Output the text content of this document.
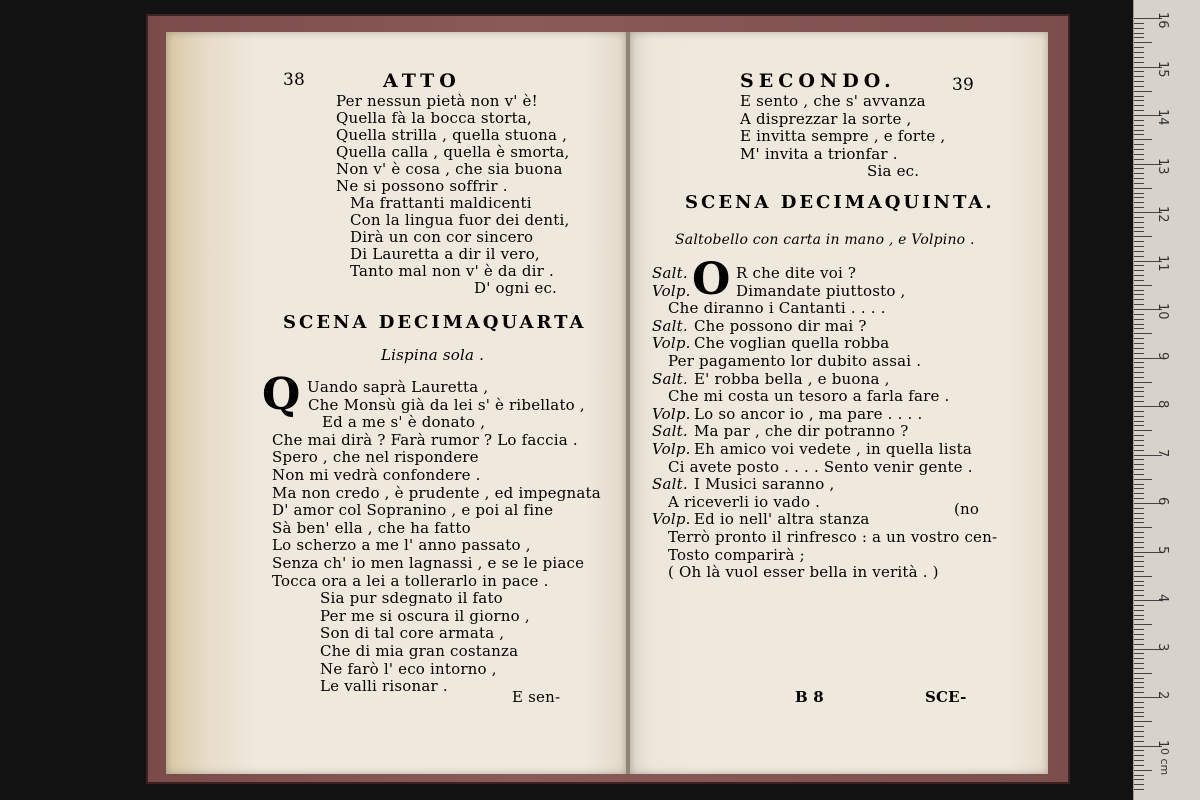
38	ATTO
Per nessun pietà non v' è!
Quella fà la bocca storta,
Quella strilla , quella stuona ,
Quella calla , quella è smorta,
Non v' è cosa , che sia buona
Ne si possono soffrir .
Ma frattanti maldicenti
Con la lingua fuor dei denti,
Dirà un con cor sincero
Di Lauretta a dir il vero,
Tanto mal non v' è da dir .
D' ogni ec.
SCENA DECIMAQUARTA
Lispina sola .
Q Uando saprà Lauretta ,
Che Monsù già da lei s' è ribellato ,
Ed a me s' è donato ,
Che mai dirà ? Farà rumor ? Lo faccia .
Spero , che nel rispondere
Non mi vedrà confondere .
Ma non credo , è prudente , ed impegnata
D' amor col Sopranino , e poi al fine
Sà ben' ella , che ha fatto
Lo scherzo a me l' anno passato ,
Senza ch' io men lagnassi , e se le piace
Tocca ora a lei a tollerarlo in pace .
Sia pur sdegnato il fato
Per me si oscura il giorno ,
Son di tal core armata ,
Che di mia gran costanza
Ne farò l' eco intorno ,
Le valli risonar .
E sen-
SECONDO.	39
E sento , che s' avvanza
A disprezzar la sorte ,
E invitta sempre , e forte ,
M' invita a trionfar .
Sia ec.
SCENA DECIMAQUINTA.
Saltobello con carta in mano , e Volpino .
O
Salt.	R che dite voi ?
Volp.	Dimandate piuttosto ,
Che diranno i Cantanti . . . .
Salt. Che possono dir mai ?
Volp. Che voglian quella robba
Per pagamento lor dubito assai .
Salt. E' robba bella , e buona ,
Che mi costa un tesoro a farla fare .
Volp. Lo so ancor io , ma pare . . . .
Salt. Ma par , che dir potranno ?
Volp. Eh amico voi vedete , in quella lista
Ci avete posto . . . . Sento venir gente .
Salt. I Musici saranno ,
A riceverli io vado .
Volp. Ed io nell' altra stanza
Terrò pronto il rinfresco : a un vostro cen-
Tosto comparirà ;
( Oh là vuol esser bella in verità . )
(no
B 8	SCE-
16
15
14
13
12
11
10
9
8
7
6
5
4
3
2
1
0 cm
